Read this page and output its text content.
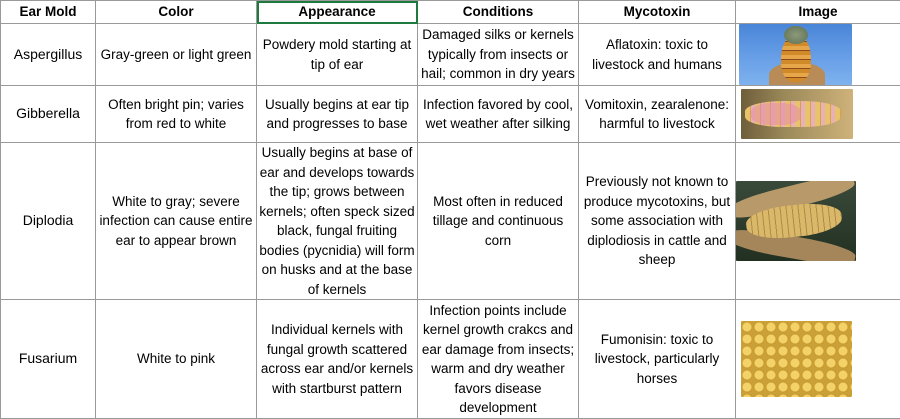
Ear Mold	Color	Appearance	Conditions	Mycotoxin	Image
Aspergillus	Gray-green or light green	Powdery mold starting at tip of ear	Damaged silks or kernels typically from insects or hail; common in dry years	Aflatoxin: toxic to livestock and humans	

Gibberella	Often bright pin; varies from red to white	Usually begins at ear tip and progresses to base	Infection favored by cool, wet weather after silking	Vomitoxin, zearalenone: harmful to livestock	

Diplodia	White to gray; severe infection can cause entire ear to appear brown	Usually begins at base of ear and develops towards the tip; grows between kernels; often speck sized black, fungal fruiting bodies (pycnidia) will form on husks and at the base of kernels	Most often in reduced tillage and continuous corn	Previously not known to produce mycotoxins, but some association with diplodiosis in cattle and sheep	

Fusarium	White to pink	Individual kernels with fungal growth scattered across ear and/or kernels with startburst pattern	Infection points include kernel growth crakcs and ear damage from insects; warm and dry weather favors disease development	Fumonisin: toxic to livestock, particularly horses	
